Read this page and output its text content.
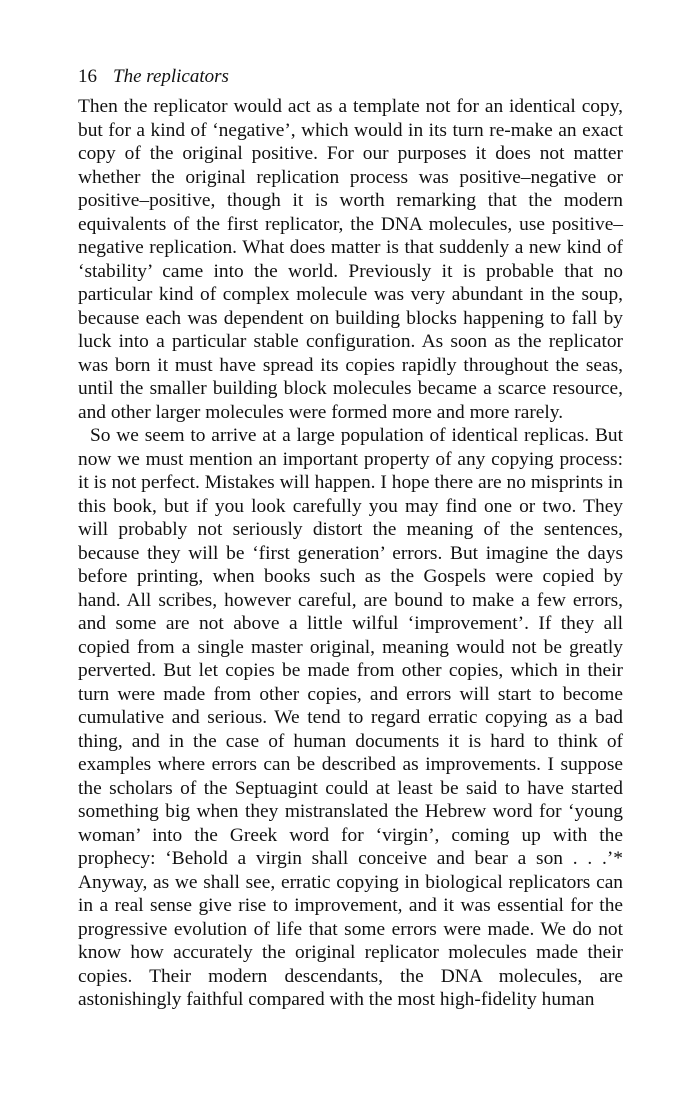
16 The replicators

Then the replicator would act as a template not for an identical copy, but for a kind of ‘negative’, which would in its turn re-make an exact copy of the original positive. For our purposes it does not matter whether the original replication process was positive–negative or positive–positive, though it is worth remarking that the modern equivalents of the first replicator, the DNA molecules, use positive–negative replication. What does matter is that suddenly a new kind of ‘stability’ came into the world. Previously it is probable that no particular kind of complex molecule was very abundant in the soup, because each was dependent on building blocks happening to fall by luck into a particular stable configuration. As soon as the replicator was born it must have spread its copies rapidly throughout the seas, until the smaller building block molecules became a scarce resource, and other larger molecules were formed more and more rarely.

So we seem to arrive at a large population of identical replicas. But now we must mention an important property of any copying process: it is not perfect. Mistakes will happen. I hope there are no misprints in this book, but if you look carefully you may find one or two. They will probably not seriously distort the meaning of the sentences, because they will be ‘first generation’ errors. But imagine the days before printing, when books such as the Gospels were copied by hand. All scribes, however careful, are bound to make a few errors, and some are not above a little wilful ‘improvement’. If they all copied from a single master original, meaning would not be greatly perverted. But let copies be made from other copies, which in their turn were made from other copies, and errors will start to become cumulative and serious. We tend to regard erratic copying as a bad thing, and in the case of human documents it is hard to think of examples where errors can be described as improvements. I suppose the scholars of the Septuagint could at least be said to have started something big when they mistranslated the Hebrew word for ‘young woman’ into the Greek word for ‘virgin’, coming up with the prophecy: ‘Behold a virgin shall conceive and bear a son . . .’* Anyway, as we shall see, erratic copying in biological replicators can in a real sense give rise to improvement, and it was essential for the progressive evolution of life that some errors were made. We do not know how accurately the original replicator molecules made their copies. Their modern descendants, the DNA molecules, are astonishingly faithful compared with the most high-fidelity human
